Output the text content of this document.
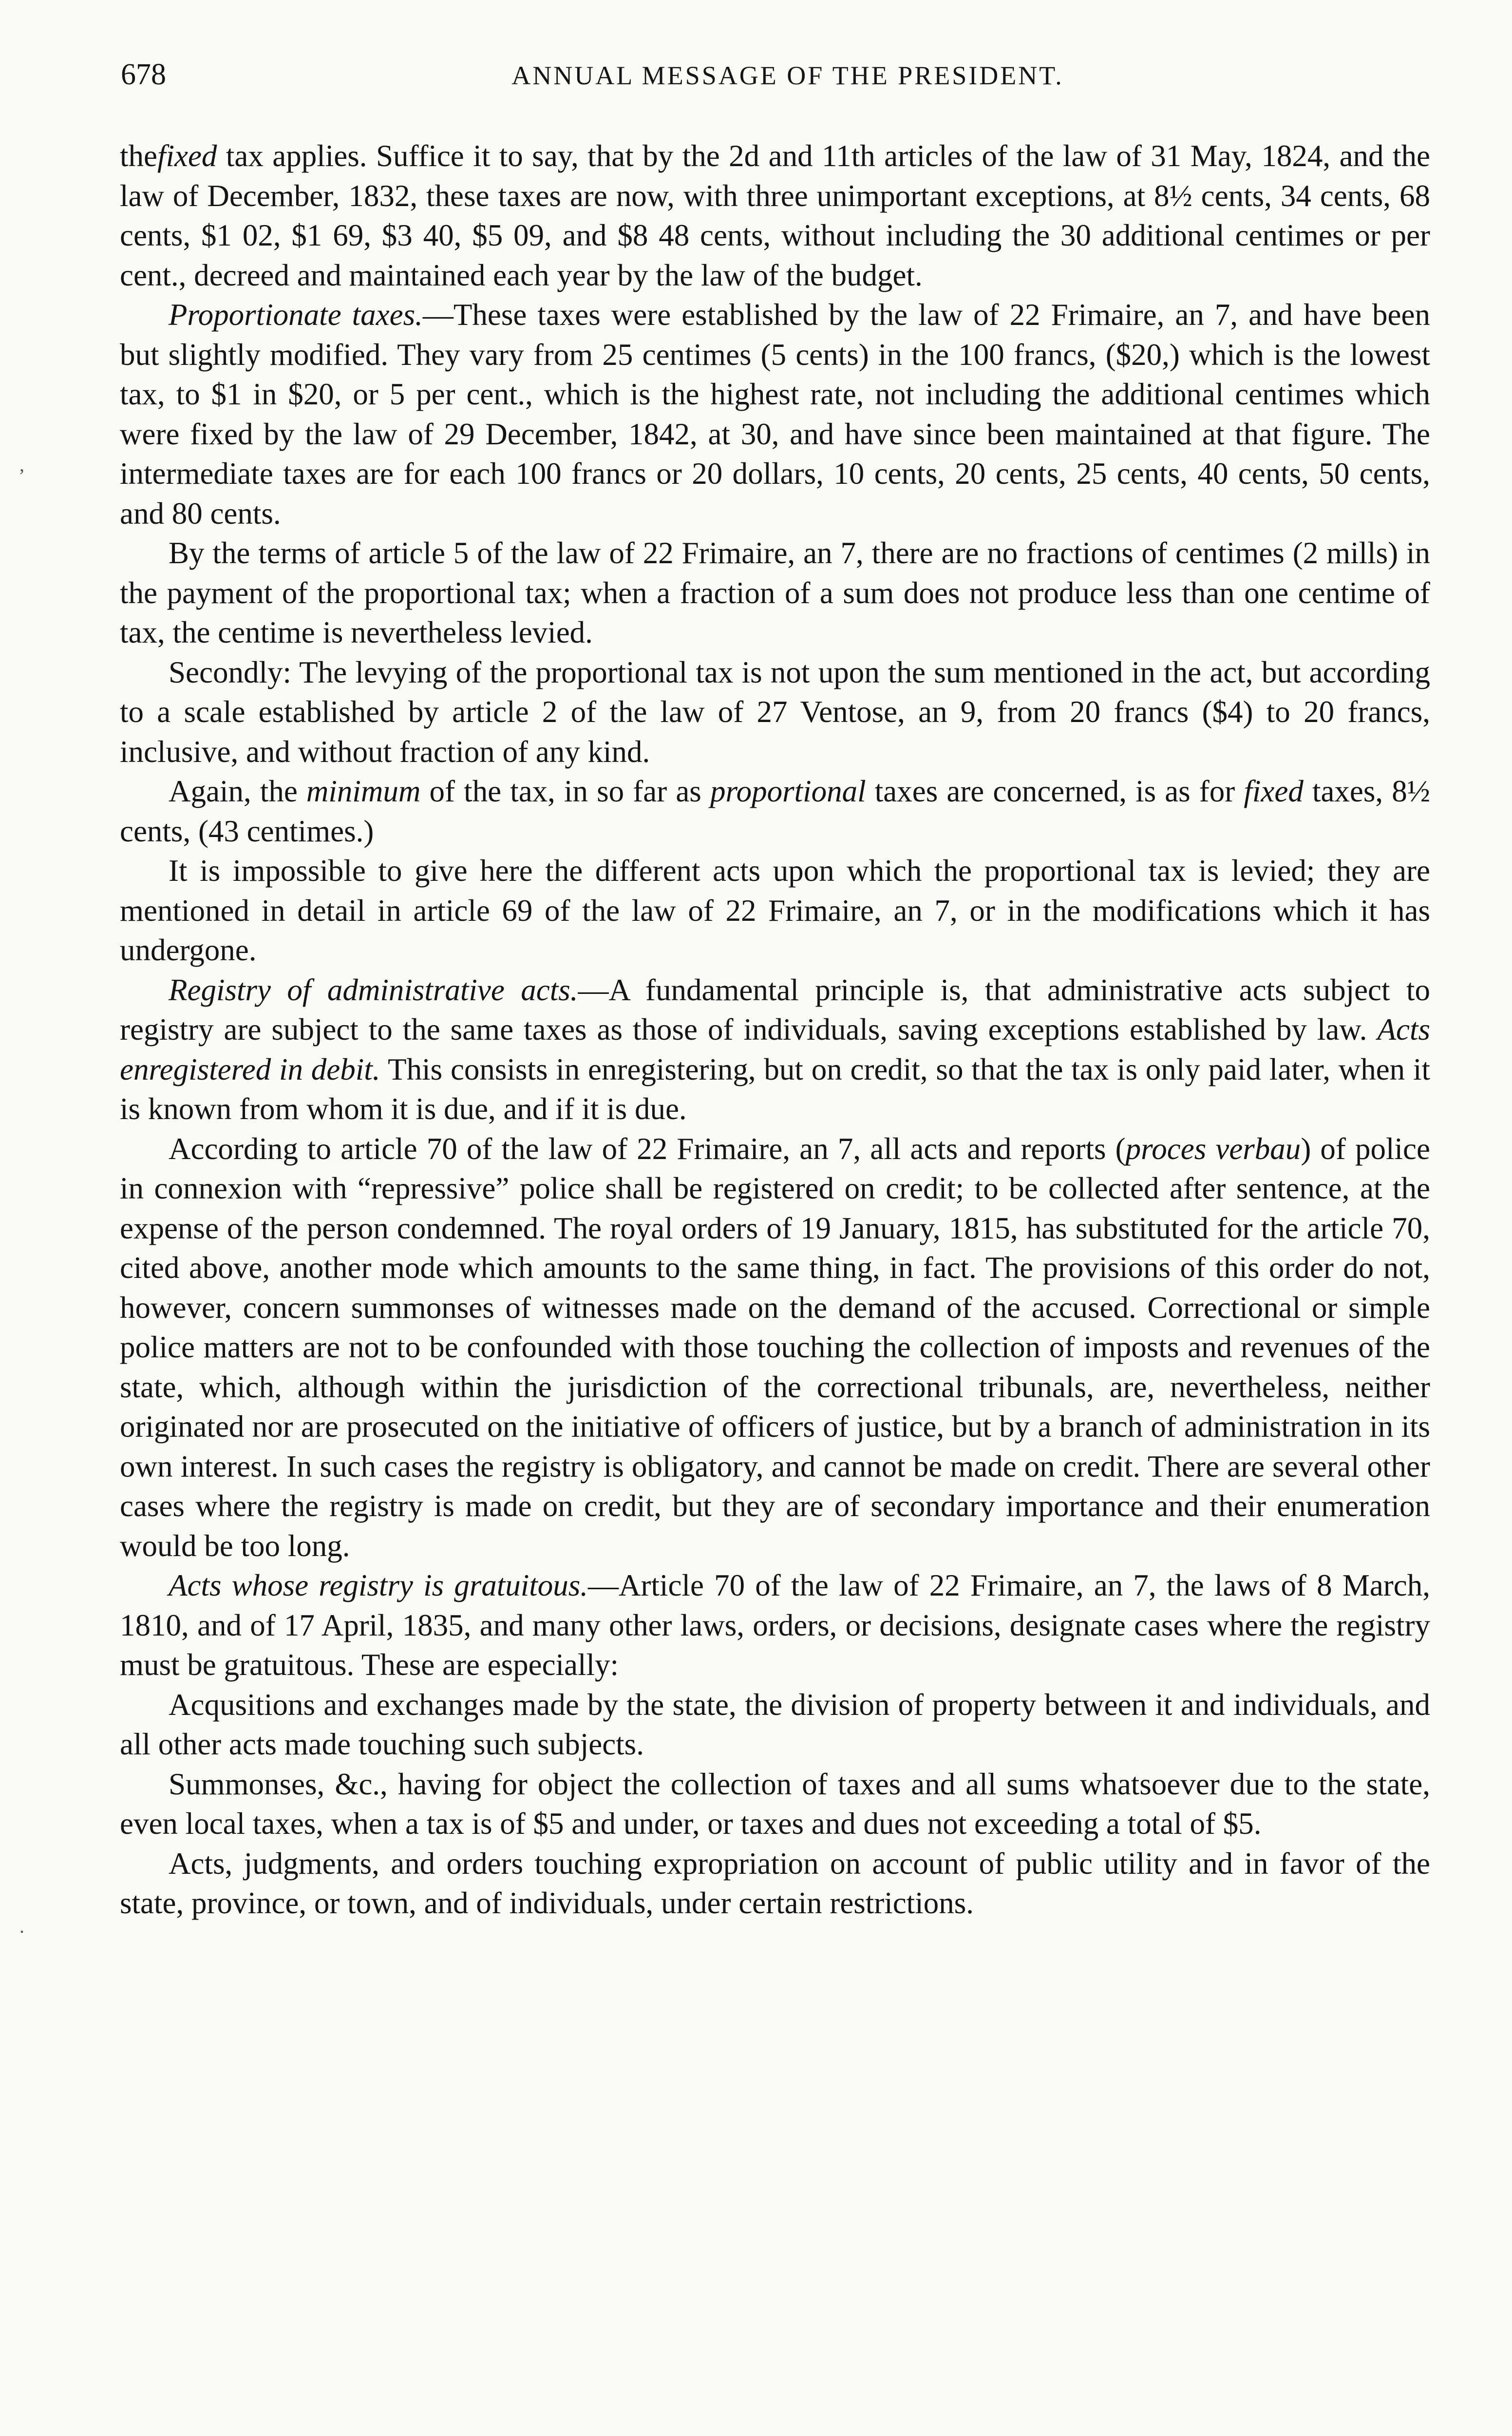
678	ANNUAL MESSAGE OF THE PRESIDENT.
,
.

thefixed tax applies. Suffice it to say, that by the 2d and 11th articles of the law of 31 May, 1824, and the law of December, 1832, these taxes are now, with three unimportant exceptions, at 8½ cents, 34 cents, 68 cents, $1 02, $1 69, $3 40, $5 09, and $8 48 cents, without including the 30 additional centimes or per cent., decreed and maintained each year by the law of the budget.

Proportionate taxes.—These taxes were established by the law of 22 Frimaire, an 7, and have been but slightly modified. They vary from 25 centimes (5 cents) in the 100 francs, ($20,) which is the lowest tax, to $1 in $20, or 5 per cent., which is the highest rate, not including the additional centimes which were fixed by the law of 29 December, 1842, at 30, and have since been maintained at that figure. The intermediate taxes are for each 100 francs or 20 dollars, 10 cents, 20 cents, 25 cents, 40 cents, 50 cents, and 80 cents.

By the terms of article 5 of the law of 22 Frimaire, an 7, there are no fractions of centimes (2 mills) in the payment of the proportional tax; when a fraction of a sum does not produce less than one centime of tax, the centime is nevertheless levied.

Secondly: The levying of the proportional tax is not upon the sum mentioned in the act, but according to a scale established by article 2 of the law of 27 Ventose, an 9, from 20 francs ($4) to 20 francs, inclusive, and without fraction of any kind.

Again, the minimum of the tax, in so far as proportional taxes are concerned, is as for fixed taxes, 8½ cents, (43 centimes.)

It is impossible to give here the different acts upon which the proportional tax is levied; they are mentioned in detail in article 69 of the law of 22 Frimaire, an 7, or in the modifications which it has undergone.

Registry of administrative acts.—A fundamental principle is, that administrative acts subject to registry are subject to the same taxes as those of individuals, saving exceptions established by law. Acts enregistered in debit. This consists in enregistering, but on credit, so that the tax is only paid later, when it is known from whom it is due, and if it is due.

According to article 70 of the law of 22 Frimaire, an 7, all acts and reports (proces verbau) of police in connexion with “repressive” police shall be registered on credit; to be collected after sentence, at the expense of the person condemned. The royal orders of 19 January, 1815, has substituted for the article 70, cited above, another mode which amounts to the same thing, in fact. The provisions of this order do not, however, concern summonses of witnesses made on the demand of the accused. Correctional or simple police matters are not to be confounded with those touching the collection of imposts and revenues of the state, which, although within the jurisdiction of the correctional tribunals, are, nevertheless, neither originated nor are prosecuted on the initiative of officers of justice, but by a branch of administration in its own interest. In such cases the registry is obligatory, and cannot be made on credit. There are several other cases where the registry is made on credit, but they are of secondary importance and their enumeration would be too long.

Acts whose registry is gratuitous.—Article 70 of the law of 22 Frimaire, an 7, the laws of 8 March, 1810, and of 17 April, 1835, and many other laws, orders, or decisions, designate cases where the registry must be gratuitous. These are especially:

Acqusitions and exchanges made by the state, the division of property between it and individuals, and all other acts made touching such subjects.

Summonses, &c., having for object the collection of taxes and all sums whatsoever due to the state, even local taxes, when a tax is of $5 and under, or taxes and dues not exceeding a total of $5.

Acts, judgments, and orders touching expropriation on account of public utility and in favor of the state, province, or town, and of individuals, under certain restrictions.
